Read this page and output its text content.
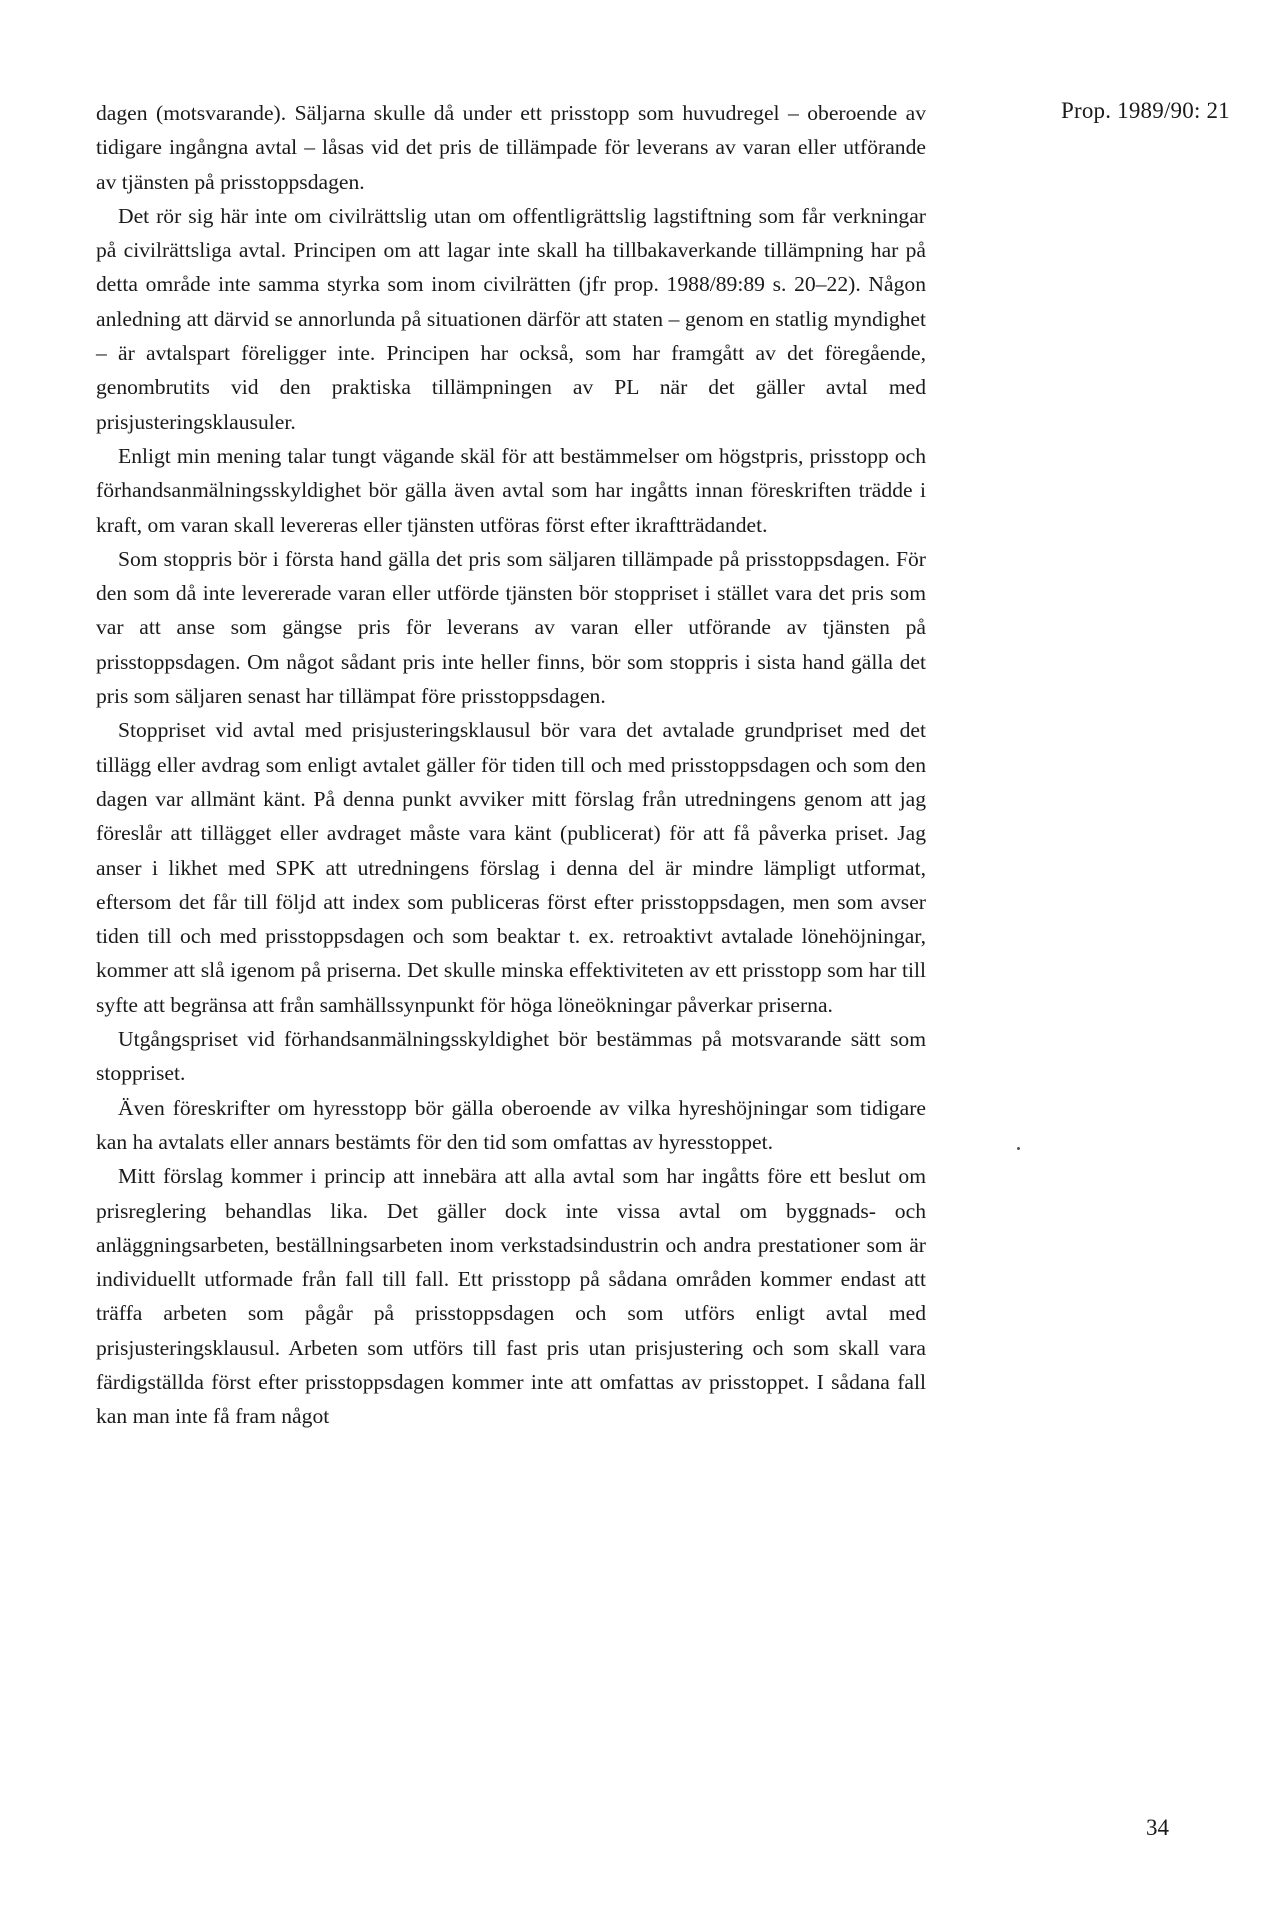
Prop. 1989/90: 21

dagen (motsvarande). Säljarna skulle då under ett prisstopp som huvudregel – oberoende av tidigare ingångna avtal – låsas vid det pris de tillämpade för leverans av varan eller utförande av tjänsten på prisstoppsdagen.

Det rör sig här inte om civilrättslig utan om offentligrättslig lagstiftning som får verkningar på civilrättsliga avtal. Principen om att lagar inte skall ha tillbakaverkande tillämpning har på detta område inte samma styrka som inom civilrätten (jfr prop. 1988/89:89 s. 20–22). Någon anledning att därvid se annorlunda på situationen därför att staten – genom en statlig myndighet – är avtalspart föreligger inte. Principen har också, som har framgått av det föregående, genombrutits vid den praktiska tillämpningen av PL när det gäller avtal med prisjusteringsklausuler.

Enligt min mening talar tungt vägande skäl för att bestämmelser om högstpris, prisstopp och förhandsanmälningsskyldighet bör gälla även avtal som har ingåtts innan föreskriften trädde i kraft, om varan skall levereras eller tjänsten utföras först efter ikraftträdandet.

Som stoppris bör i första hand gälla det pris som säljaren tillämpade på prisstoppsdagen. För den som då inte levererade varan eller utförde tjänsten bör stoppriset i stället vara det pris som var att anse som gängse pris för leverans av varan eller utförande av tjänsten på prisstoppsdagen. Om något sådant pris inte heller finns, bör som stoppris i sista hand gälla det pris som säljaren senast har tillämpat före prisstoppsdagen.

Stoppriset vid avtal med prisjusteringsklausul bör vara det avtalade grundpriset med det tillägg eller avdrag som enligt avtalet gäller för tiden till och med prisstoppsdagen och som den dagen var allmänt känt. På denna punkt avviker mitt förslag från utredningens genom att jag föreslår att tillägget eller avdraget måste vara känt (publicerat) för att få påverka priset. Jag anser i likhet med SPK att utredningens förslag i denna del är mindre lämpligt utformat, eftersom det får till följd att index som publiceras först efter prisstoppsdagen, men som avser tiden till och med prisstoppsdagen och som beaktar t. ex. retroaktivt avtalade lönehöjningar, kommer att slå igenom på priserna. Det skulle minska effektiviteten av ett prisstopp som har till syfte att begränsa att från samhällssynpunkt för höga löneökningar påverkar priserna.

Utgångspriset vid förhandsanmälningsskyldighet bör bestämmas på motsvarande sätt som stoppriset.

Även föreskrifter om hyresstopp bör gälla oberoende av vilka hyreshöjningar som tidigare kan ha avtalats eller annars bestämts för den tid som omfattas av hyresstoppet.

Mitt förslag kommer i princip att innebära att alla avtal som har ingåtts före ett beslut om prisreglering behandlas lika. Det gäller dock inte vissa avtal om byggnads- och anläggningsarbeten, beställningsarbeten inom verkstadsindustrin och andra prestationer som är individuellt utformade från fall till fall. Ett prisstopp på sådana områden kommer endast att träffa arbeten som pågår på prisstoppsdagen och som utförs enligt avtal med prisjusteringsklausul. Arbeten som utförs till fast pris utan prisjustering och som skall vara färdigställda först efter prisstoppsdagen kommer inte att omfattas av prisstoppet. I sådana fall kan man inte få fram något

34
